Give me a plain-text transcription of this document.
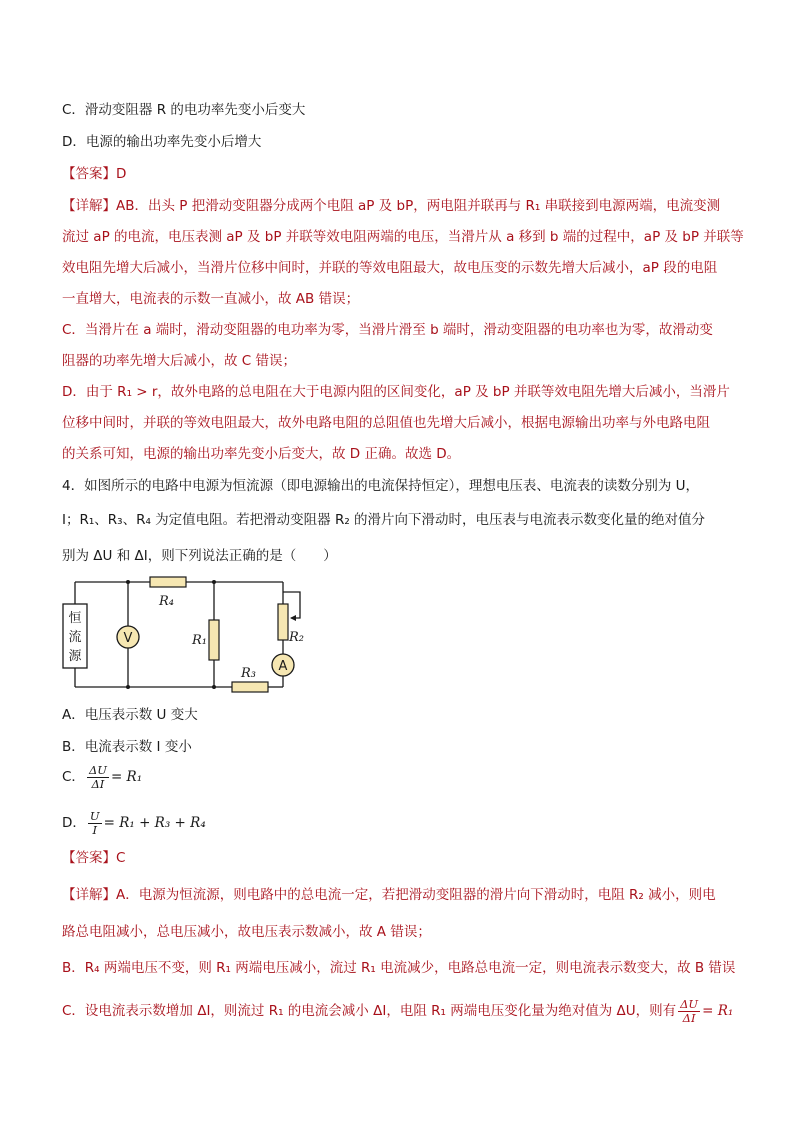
C．滑动变阻器 R 的电功率先变小后变大
D．电源的输出功率先变小后增大
【答案】D
【详解】AB．出头 P 把滑动变阻器分成两个电阻 aP 及 bP，两电阻并联再与 R₁ 串联接到电源两端，电流变测
流过 aP 的电流，电压表测 aP 及 bP 并联等效电阻两端的电压，当滑片从 a 移到 b 端的过程中，aP 及 bP 并联等
效电阻先增大后减小，当滑片位移中间时，并联的等效电阻最大，故电压变的示数先增大后减小，aP 段的电阻
一直增大，电流表的示数一直减小，故 AB 错误；
C．当滑片在 a 端时，滑动变阻器的电功率为零，当滑片滑至 b 端时，滑动变阻器的电功率也为零，故滑动变
阻器的功率先增大后减小，故 C 错误；
D．由于 R₁ > r，故外电路的总电阻在大于电源内阻的区间变化，aP 及 bP 并联等效电阻先增大后减小，当滑片
位移中间时，并联的等效电阻最大，故外电路电阻的总阻值也先增大后减小，根据电源输出功率与外电路电阻
的关系可知，电源的输出功率先变小后变大，故 D 正确。故选 D。
4．如图所示的电路中电源为恒流源（即电源输出的电流保持恒定），理想电压表、电流表的读数分别为 U，
I；R₁、R₃、R₄ 为定值电阻。若把滑动变阻器 R₂ 的滑片向下滑动时，电压表与电流表示数变化量的绝对值分
别为 ΔU 和 ΔI，则下列说法正确的是（　　）
恒流源
V
A
R₄
R₁	R₂
R₃
A．电压表示数 U 变大
B．电流表示数 I 变小
C． $\frac{\Delta U}{\Delta I} = R_1$
D． $\frac{U}{I} = R_1 + R_3 + R_4$
【答案】C
【详解】A．电源为恒流源，则电路中的总电流一定，若把滑动变阻器的滑片向下滑动时，电阻 R₂ 减小，则电
路总电阻减小，总电压减小，故电压表示数减小，故 A 错误；
B．R₄ 两端电压不变，则 R₁ 两端电压减小，流过 R₁ 电流减少，电路总电流一定，则电流表示数变大，故 B 错误
C．设电流表示数增加 ΔI，则流过 R₁ 的电流会减小 ΔI，电阻 R₁ 两端电压变化量为绝对值为 ΔU，则有 $\frac{\Delta U}{\Delta I} = R_1$
